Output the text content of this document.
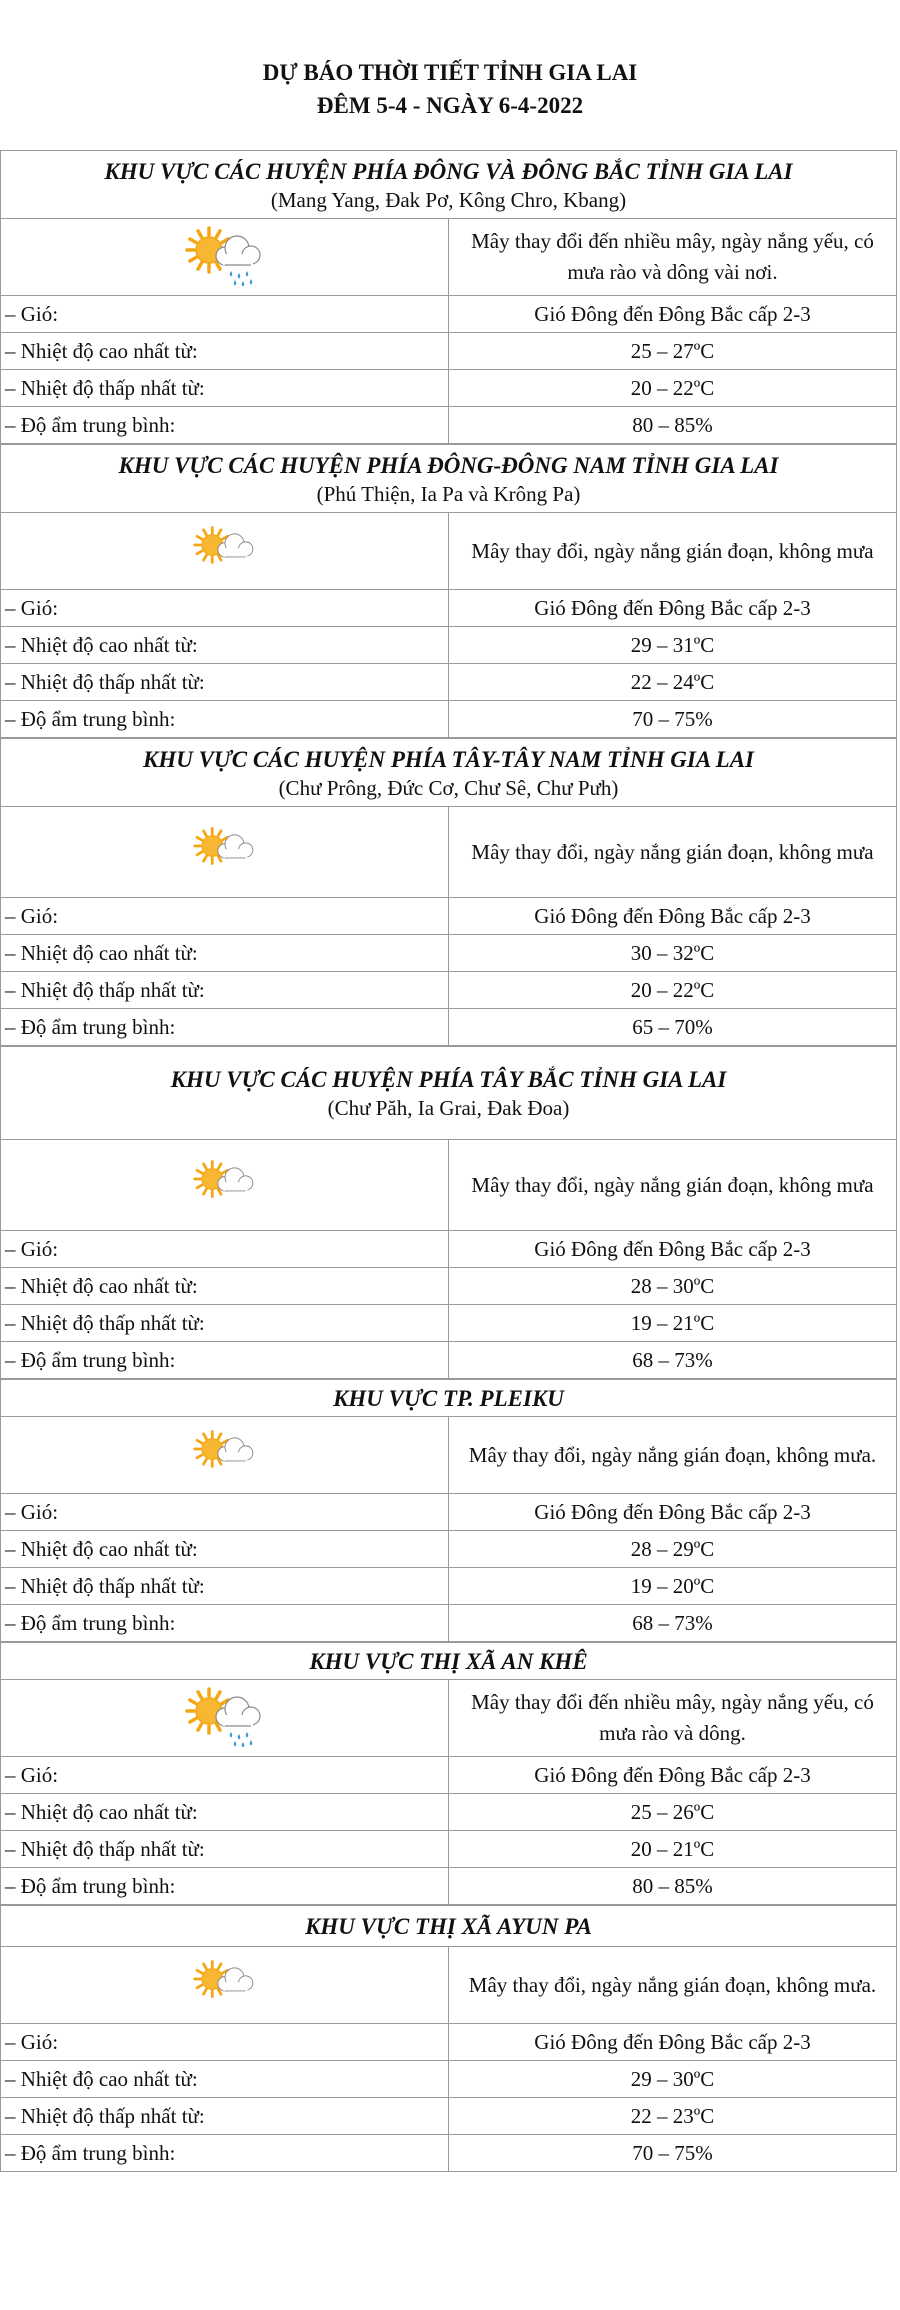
DỰ BÁO THỜI TIẾT TỈNH GIA LAI
ĐÊM 5-4 - NGÀY 6-4-2022
KHU VỰC CÁC HUYỆN PHÍA ĐÔNG VÀ ĐÔNG BẮC TỈNH GIA LAI
(Mang Yang, Đak Pơ, Kông Chro, Kbang)	

	Mây thay đổi đến nhiều mây, ngày nắng yếu, có mưa rào và dông vài nơi.
– Gió:	Gió Đông đến Đông Bắc cấp 2-3
– Nhiệt độ cao nhất từ:	25 – 27ºC
– Nhiệt độ thấp nhất từ:	20 – 22ºC
– Độ ẩm trung bình:	80 – 85%
KHU VỰC CÁC HUYỆN PHÍA ĐÔNG-ĐÔNG NAM TỈNH GIA LAI
(Phú Thiện, Ia Pa và Krông Pa)	

	Mây thay đổi, ngày nắng gián đoạn, không mưa
– Gió:	Gió Đông đến Đông Bắc cấp 2-3
– Nhiệt độ cao nhất từ:	29 – 31ºC
– Nhiệt độ thấp nhất từ:	22 – 24ºC
– Độ ẩm trung bình:	70 – 75%
KHU VỰC CÁC HUYỆN PHÍA TÂY-TÂY NAM TỈNH GIA LAI
(Chư Prông, Đức Cơ, Chư Sê, Chư Pưh)	

	Mây thay đổi, ngày nắng gián đoạn, không mưa
– Gió:	Gió Đông đến Đông Bắc cấp 2-3
– Nhiệt độ cao nhất từ:	30 – 32ºC
– Nhiệt độ thấp nhất từ:	20 – 22ºC
– Độ ẩm trung bình:	65 – 70%
KHU VỰC CÁC HUYỆN PHÍA TÂY BẮC TỈNH GIA LAI
(Chư Păh, Ia Grai, Đak Đoa)	

	Mây thay đổi, ngày nắng gián đoạn, không mưa
– Gió:	Gió Đông đến Đông Bắc cấp 2-3
– Nhiệt độ cao nhất từ:	28 – 30ºC
– Nhiệt độ thấp nhất từ:	19 – 21ºC
– Độ ẩm trung bình:	68 – 73%
KHU VỰC TP. PLEIKU	

	Mây thay đổi, ngày nắng gián đoạn, không mưa.
– Gió:	Gió Đông đến Đông Bắc cấp 2-3
– Nhiệt độ cao nhất từ:	28 – 29ºC
– Nhiệt độ thấp nhất từ:	19 – 20ºC
– Độ ẩm trung bình:	68 – 73%
KHU VỰC THỊ XÃ AN KHÊ	

	Mây thay đổi đến nhiều mây, ngày nắng yếu, có mưa rào và dông.
– Gió:	Gió Đông đến Đông Bắc cấp 2-3
– Nhiệt độ cao nhất từ:	25 – 26ºC
– Nhiệt độ thấp nhất từ:	20 – 21ºC
– Độ ẩm trung bình:	80 – 85%
KHU VỰC THỊ XÃ AYUN PA	

	Mây thay đổi, ngày nắng gián đoạn, không mưa.
– Gió:	Gió Đông đến Đông Bắc cấp 2-3
– Nhiệt độ cao nhất từ:	29 – 30ºC
– Nhiệt độ thấp nhất từ:	22 – 23ºC
– Độ ẩm trung bình:	70 – 75%
